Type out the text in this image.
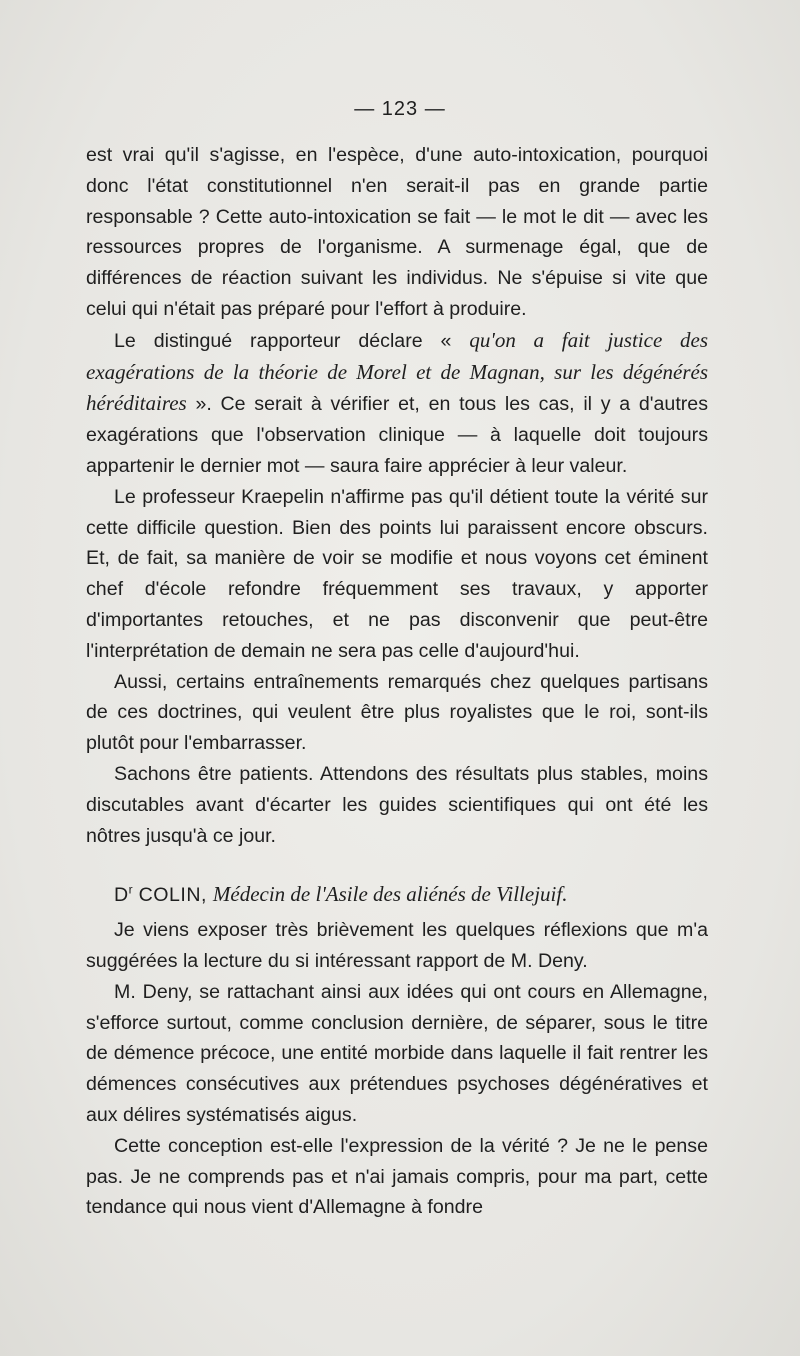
— 123 —

est vrai qu'il s'agisse, en l'espèce, d'une auto-intoxication, pourquoi donc l'état constitutionnel n'en serait-il pas en grande partie responsable ? Cette auto-intoxication se fait — le mot le dit — avec les ressources propres de l'organisme. A surmenage égal, que de différences de réaction suivant les individus. Ne s'épuise si vite que celui qui n'était pas préparé pour l'effort à produire.

Le distingué rapporteur déclare « qu'on a fait justice des exagérations de la théorie de Morel et de Magnan, sur les dégénérés héréditaires ». Ce serait à vérifier et, en tous les cas, il y a d'autres exagérations que l'observation clinique — à laquelle doit toujours appartenir le dernier mot — saura faire apprécier à leur valeur.

Le professeur Kraepelin n'affirme pas qu'il détient toute la vérité sur cette difficile question. Bien des points lui paraissent encore obscurs. Et, de fait, sa manière de voir se modifie et nous voyons cet éminent chef d'école refondre fréquemment ses travaux, y apporter d'importantes retouches, et ne pas disconvenir que peut-être l'interprétation de demain ne sera pas celle d'aujourd'hui.

Aussi, certains entraînements remarqués chez quelques partisans de ces doctrines, qui veulent être plus royalistes que le roi, sont-ils plutôt pour l'embarrasser.

Sachons être patients. Attendons des résultats plus stables, moins discutables avant d'écarter les guides scientifiques qui ont été les nôtres jusqu'à ce jour.

$D^r$ COLIN, Médecin de l'Asile des aliénés de Villejuif.

Je viens exposer très brièvement les quelques réflexions que m'a suggérées la lecture du si intéressant rapport de M. Deny.

M. Deny, se rattachant ainsi aux idées qui ont cours en Allemagne, s'efforce surtout, comme conclusion dernière, de séparer, sous le titre de démence précoce, une entité morbide dans laquelle il fait rentrer les démences consécutives aux prétendues psychoses dégénératives et aux délires systématisés aigus.

Cette conception est-elle l'expression de la vérité ? Je ne le pense pas. Je ne comprends pas et n'ai jamais compris, pour ma part, cette tendance qui nous vient d'Allemagne à fondre
